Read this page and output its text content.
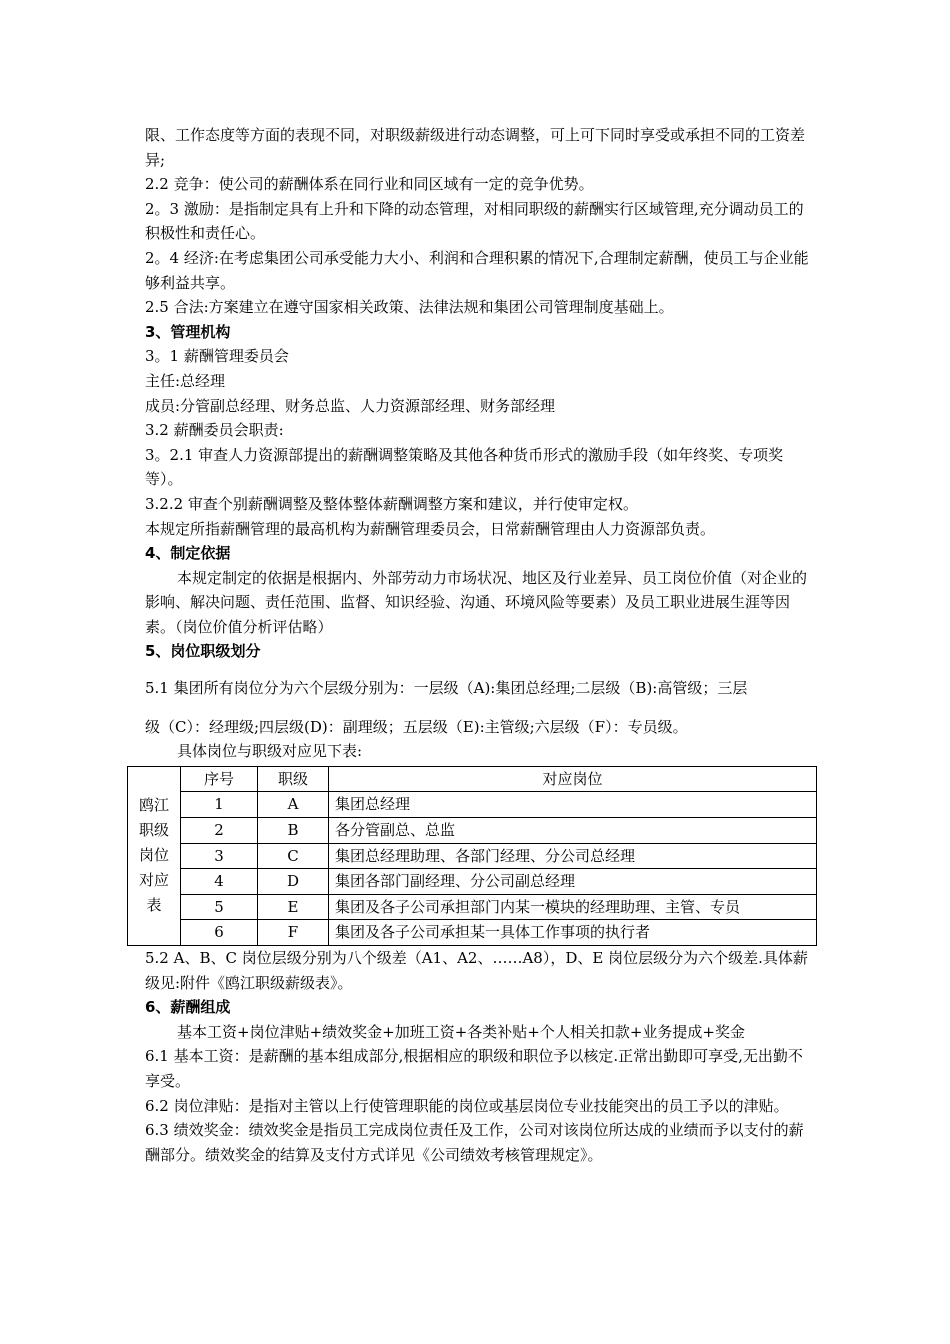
限、工作态度等方面的表现不同，对职级薪级进行动态调整，可上可下同时享受或承担不同的工资差异;

2.2 竞争：使公司的薪酬体系在同行业和同区域有一定的竞争优势。

2。3 激励：是指制定具有上升和下降的动态管理，对相同职级的薪酬实行区域管理,充分调动员工的积极性和责任心。

2。4 经济:在考虑集团公司承受能力大小、利润和合理积累的情况下,合理制定薪酬，使员工与企业能够利益共享。

2.5 合法:方案建立在遵守国家相关政策、法律法规和集团公司管理制度基础上。

3、管理机构

3。1 薪酬管理委员会

主任:总经理

成员:分管副总经理、财务总监、人力资源部经理、财务部经理

3.2 薪酬委员会职责:

3。2.1 审查人力资源部提出的薪酬调整策略及其他各种货币形式的激励手段（如年终奖、专项奖等）。

3.2.2 审查个别薪酬调整及整体整体薪酬调整方案和建议，并行使审定权。

本规定所指薪酬管理的最高机构为薪酬管理委员会，日常薪酬管理由人力资源部负责。

4、制定依据

本规定制定的依据是根据内、外部劳动力市场状况、地区及行业差异、员工岗位价值（对企业的影响、解决问题、责任范围、监督、知识经验、沟通、环境风险等要素）及员工职业进展生涯等因素。（岗位价值分析评估略）

5、岗位职级划分

5.1 集团所有岗位分为六个层级分别为：一层级（A):集团总经理;二层级（B):高管级；三层

级（C）：经理级;四层级(D)：副理级；五层级（E):主管级;六层级（F）：专员级。

具体岗位与职级对应见下表:

鸥江
职级
岗位
对应
表	序号	职级	对应岗位
	1	A	集团总经理
	2	B	各分管副总、总监
	3	C	集团总经理助理、各部门经理、分公司总经理
	4	D	集团各部门副经理、分公司副总经理
	5	E	集团及各子公司承担部门内某一模块的经理助理、主管、专员
	6	F	集团及各子公司承担某一具体工作事项的执行者

5.2 A、B、C 岗位层级分别为八个级差（A1、A2、……A8），D、E 岗位层级分为六个级差.具体薪级见:附件《鸥江职级薪级表》。

6、薪酬组成

基本工资+岗位津贴+绩效奖金+加班工资+各类补贴+个人相关扣款+业务提成+奖金

6.1 基本工资：是薪酬的基本组成部分,根据相应的职级和职位予以核定.正常出勤即可享受,无出勤不享受。

6.2 岗位津贴：是指对主管以上行使管理职能的岗位或基层岗位专业技能突出的员工予以的津贴。

6.3 绩效奖金：绩效奖金是指员工完成岗位责任及工作，公司对该岗位所达成的业绩而予以支付的薪酬部分。绩效奖金的结算及支付方式详见《公司绩效考核管理规定》。
